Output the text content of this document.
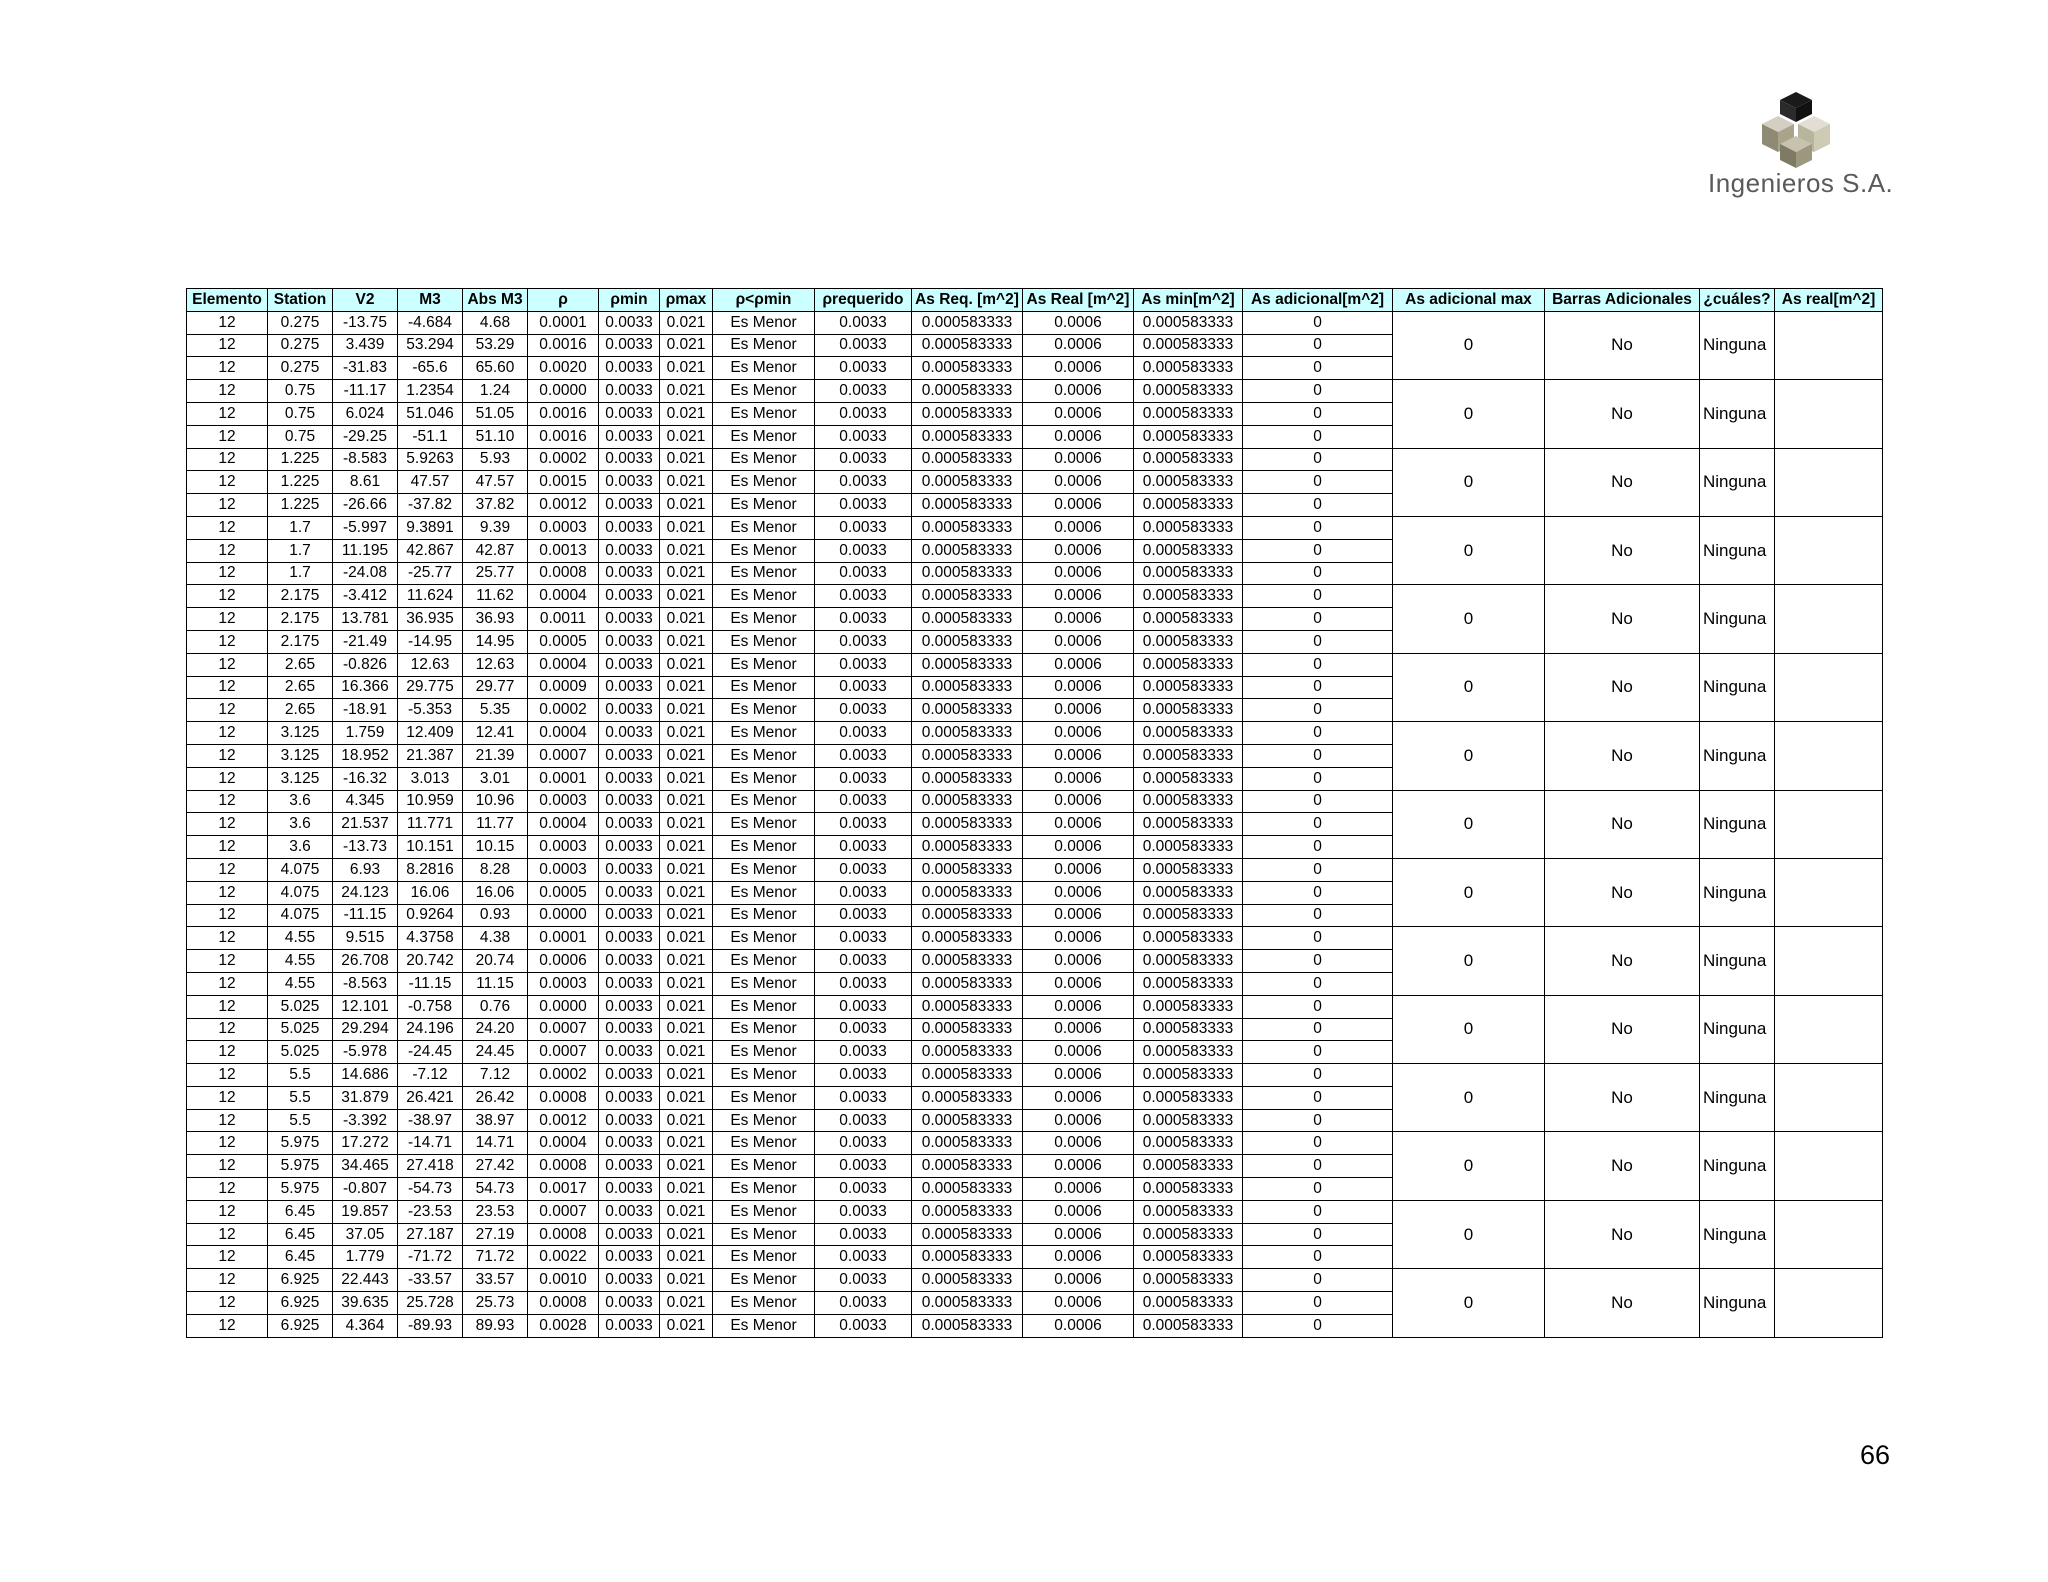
Ingenieros S.A.
Elemento	Station	V2	M3	Abs M3	ρ	ρmin	ρmax	ρ<ρmin	ρrequerido	As Req. [m^2]	As Real [m^2]	As min[m^2]	As adicional[m^2]	As adicional max	Barras Adicionales	¿cuáles?	As real[m^2]
12	0.275	-13.75	-4.684	4.68	0.0001	0.0033	0.021	Es Menor	0.0033	0.000583333	0.0006	0.000583333	0	0	No	Ninguna	
12	0.275	3.439	53.294	53.29	0.0016	0.0033	0.021	Es Menor	0.0033	0.000583333	0.0006	0.000583333	0				
12	0.275	-31.83	-65.6	65.60	0.0020	0.0033	0.021	Es Menor	0.0033	0.000583333	0.0006	0.000583333	0				
12	0.75	-11.17	1.2354	1.24	0.0000	0.0033	0.021	Es Menor	0.0033	0.000583333	0.0006	0.000583333	0	0	No	Ninguna	
12	0.75	6.024	51.046	51.05	0.0016	0.0033	0.021	Es Menor	0.0033	0.000583333	0.0006	0.000583333	0				
12	0.75	-29.25	-51.1	51.10	0.0016	0.0033	0.021	Es Menor	0.0033	0.000583333	0.0006	0.000583333	0				
12	1.225	-8.583	5.9263	5.93	0.0002	0.0033	0.021	Es Menor	0.0033	0.000583333	0.0006	0.000583333	0	0	No	Ninguna	
12	1.225	8.61	47.57	47.57	0.0015	0.0033	0.021	Es Menor	0.0033	0.000583333	0.0006	0.000583333	0				
12	1.225	-26.66	-37.82	37.82	0.0012	0.0033	0.021	Es Menor	0.0033	0.000583333	0.0006	0.000583333	0				
12	1.7	-5.997	9.3891	9.39	0.0003	0.0033	0.021	Es Menor	0.0033	0.000583333	0.0006	0.000583333	0	0	No	Ninguna	
12	1.7	11.195	42.867	42.87	0.0013	0.0033	0.021	Es Menor	0.0033	0.000583333	0.0006	0.000583333	0				
12	1.7	-24.08	-25.77	25.77	0.0008	0.0033	0.021	Es Menor	0.0033	0.000583333	0.0006	0.000583333	0				
12	2.175	-3.412	11.624	11.62	0.0004	0.0033	0.021	Es Menor	0.0033	0.000583333	0.0006	0.000583333	0	0	No	Ninguna	
12	2.175	13.781	36.935	36.93	0.0011	0.0033	0.021	Es Menor	0.0033	0.000583333	0.0006	0.000583333	0				
12	2.175	-21.49	-14.95	14.95	0.0005	0.0033	0.021	Es Menor	0.0033	0.000583333	0.0006	0.000583333	0				
12	2.65	-0.826	12.63	12.63	0.0004	0.0033	0.021	Es Menor	0.0033	0.000583333	0.0006	0.000583333	0	0	No	Ninguna	
12	2.65	16.366	29.775	29.77	0.0009	0.0033	0.021	Es Menor	0.0033	0.000583333	0.0006	0.000583333	0				
12	2.65	-18.91	-5.353	5.35	0.0002	0.0033	0.021	Es Menor	0.0033	0.000583333	0.0006	0.000583333	0				
12	3.125	1.759	12.409	12.41	0.0004	0.0033	0.021	Es Menor	0.0033	0.000583333	0.0006	0.000583333	0	0	No	Ninguna	
12	3.125	18.952	21.387	21.39	0.0007	0.0033	0.021	Es Menor	0.0033	0.000583333	0.0006	0.000583333	0				
12	3.125	-16.32	3.013	3.01	0.0001	0.0033	0.021	Es Menor	0.0033	0.000583333	0.0006	0.000583333	0				
12	3.6	4.345	10.959	10.96	0.0003	0.0033	0.021	Es Menor	0.0033	0.000583333	0.0006	0.000583333	0	0	No	Ninguna	
12	3.6	21.537	11.771	11.77	0.0004	0.0033	0.021	Es Menor	0.0033	0.000583333	0.0006	0.000583333	0				
12	3.6	-13.73	10.151	10.15	0.0003	0.0033	0.021	Es Menor	0.0033	0.000583333	0.0006	0.000583333	0				
12	4.075	6.93	8.2816	8.28	0.0003	0.0033	0.021	Es Menor	0.0033	0.000583333	0.0006	0.000583333	0	0	No	Ninguna	
12	4.075	24.123	16.06	16.06	0.0005	0.0033	0.021	Es Menor	0.0033	0.000583333	0.0006	0.000583333	0				
12	4.075	-11.15	0.9264	0.93	0.0000	0.0033	0.021	Es Menor	0.0033	0.000583333	0.0006	0.000583333	0				
12	4.55	9.515	4.3758	4.38	0.0001	0.0033	0.021	Es Menor	0.0033	0.000583333	0.0006	0.000583333	0	0	No	Ninguna	
12	4.55	26.708	20.742	20.74	0.0006	0.0033	0.021	Es Menor	0.0033	0.000583333	0.0006	0.000583333	0				
12	4.55	-8.563	-11.15	11.15	0.0003	0.0033	0.021	Es Menor	0.0033	0.000583333	0.0006	0.000583333	0				
12	5.025	12.101	-0.758	0.76	0.0000	0.0033	0.021	Es Menor	0.0033	0.000583333	0.0006	0.000583333	0	0	No	Ninguna	
12	5.025	29.294	24.196	24.20	0.0007	0.0033	0.021	Es Menor	0.0033	0.000583333	0.0006	0.000583333	0				
12	5.025	-5.978	-24.45	24.45	0.0007	0.0033	0.021	Es Menor	0.0033	0.000583333	0.0006	0.000583333	0				
12	5.5	14.686	-7.12	7.12	0.0002	0.0033	0.021	Es Menor	0.0033	0.000583333	0.0006	0.000583333	0	0	No	Ninguna	
12	5.5	31.879	26.421	26.42	0.0008	0.0033	0.021	Es Menor	0.0033	0.000583333	0.0006	0.000583333	0				
12	5.5	-3.392	-38.97	38.97	0.0012	0.0033	0.021	Es Menor	0.0033	0.000583333	0.0006	0.000583333	0				
12	5.975	17.272	-14.71	14.71	0.0004	0.0033	0.021	Es Menor	0.0033	0.000583333	0.0006	0.000583333	0	0	No	Ninguna	
12	5.975	34.465	27.418	27.42	0.0008	0.0033	0.021	Es Menor	0.0033	0.000583333	0.0006	0.000583333	0				
12	5.975	-0.807	-54.73	54.73	0.0017	0.0033	0.021	Es Menor	0.0033	0.000583333	0.0006	0.000583333	0				
12	6.45	19.857	-23.53	23.53	0.0007	0.0033	0.021	Es Menor	0.0033	0.000583333	0.0006	0.000583333	0	0	No	Ninguna	
12	6.45	37.05	27.187	27.19	0.0008	0.0033	0.021	Es Menor	0.0033	0.000583333	0.0006	0.000583333	0				
12	6.45	1.779	-71.72	71.72	0.0022	0.0033	0.021	Es Menor	0.0033	0.000583333	0.0006	0.000583333	0				
12	6.925	22.443	-33.57	33.57	0.0010	0.0033	0.021	Es Menor	0.0033	0.000583333	0.0006	0.000583333	0	0	No	Ninguna	
12	6.925	39.635	25.728	25.73	0.0008	0.0033	0.021	Es Menor	0.0033	0.000583333	0.0006	0.000583333	0				
12	6.925	4.364	-89.93	89.93	0.0028	0.0033	0.021	Es Menor	0.0033	0.000583333	0.0006	0.000583333	0				
66
